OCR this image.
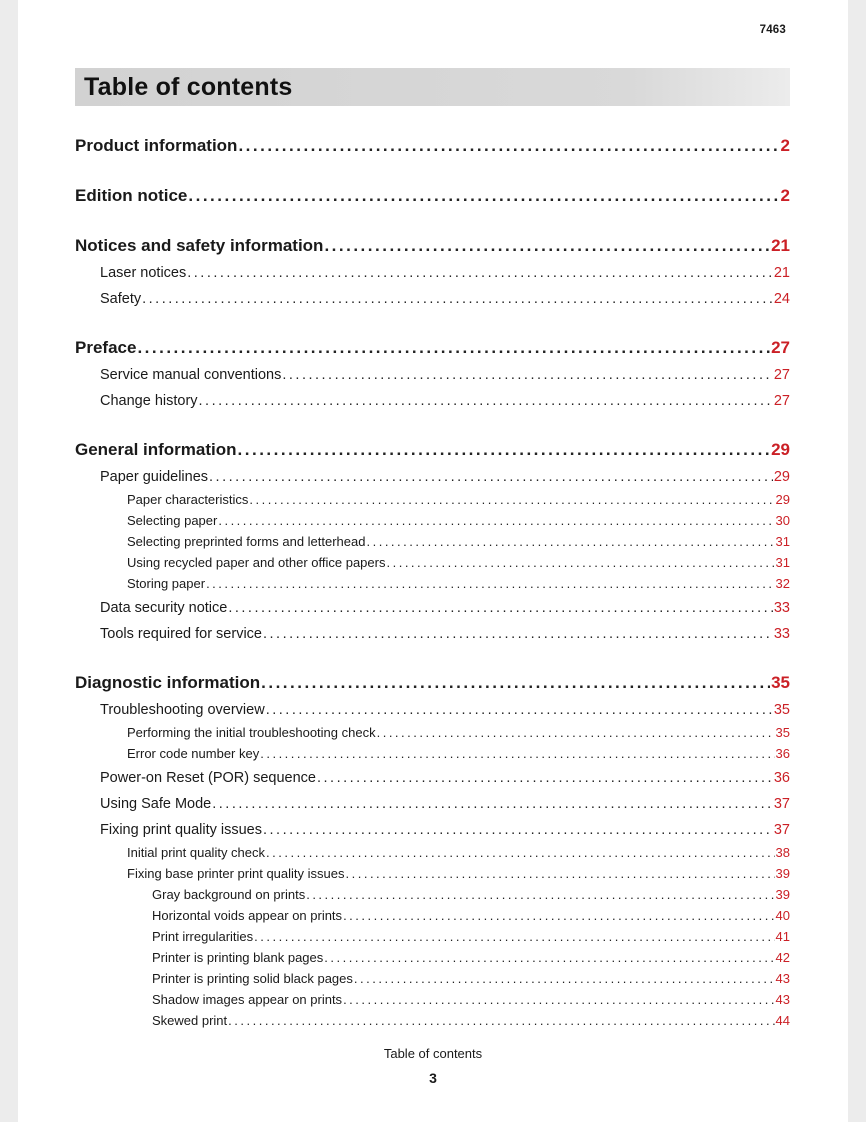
7463
Table of contents
Product information .....	2
Edition notice .....	2
Notices and safety information .....	21
Laser notices .....	21
Safety .....	24
Preface .....	27
Service manual conventions .....	27
Change history .....	27
General information .....	29
Paper guidelines .....	29
Paper characteristics .....	29
Selecting paper .....	30
Selecting preprinted forms and letterhead .....	31
Using recycled paper and other office papers .....	31
Storing paper .....	32
Data security notice .....	33
Tools required for service .....	33
Diagnostic information .....	35
Troubleshooting overview .....	35
Performing the initial troubleshooting check .....	35
Error code number key .....	36
Power-on Reset (POR) sequence .....	36
Using Safe Mode .....	37
Fixing print quality issues .....	37
Initial print quality check .....	38
Fixing base printer print quality issues .....	39
Gray background on prints .....	39
Horizontal voids appear on prints .....	40
Print irregularities .....	41
Printer is printing blank pages .....	42
Printer is printing solid black pages .....	43
Shadow images appear on prints .....	43
Skewed print .....	44
Table of contents
3
